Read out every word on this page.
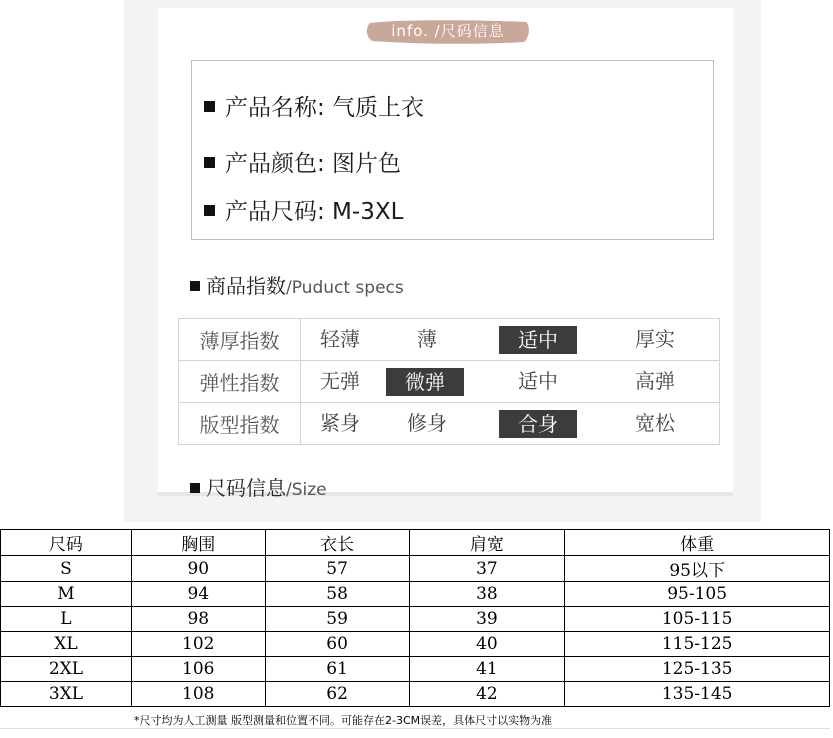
info. /尺码信息
产品名称: 气质上衣
产品颜色: 图片色
产品尺码: M-3XL
商品指数/Puduct specs
薄厚指数	轻薄 薄 适中 厚实

弹性指数	无弹 微弹 适中 高弹

版型指数	紧身 修身 合身 宽松
尺码信息/Size
尺码	胸围	衣长	肩宽	体重
S	90	57	37	95以下
M	94	58	38	95-105
L	98	59	39	105-115
XL	102	60	40	115-125
2XL	106	61	41	125-135
3XL	108	62	42	135-145
*尺寸均为人工测量 版型测量和位置不同。可能存在2-3CM误差，具体尺寸以实物为准
